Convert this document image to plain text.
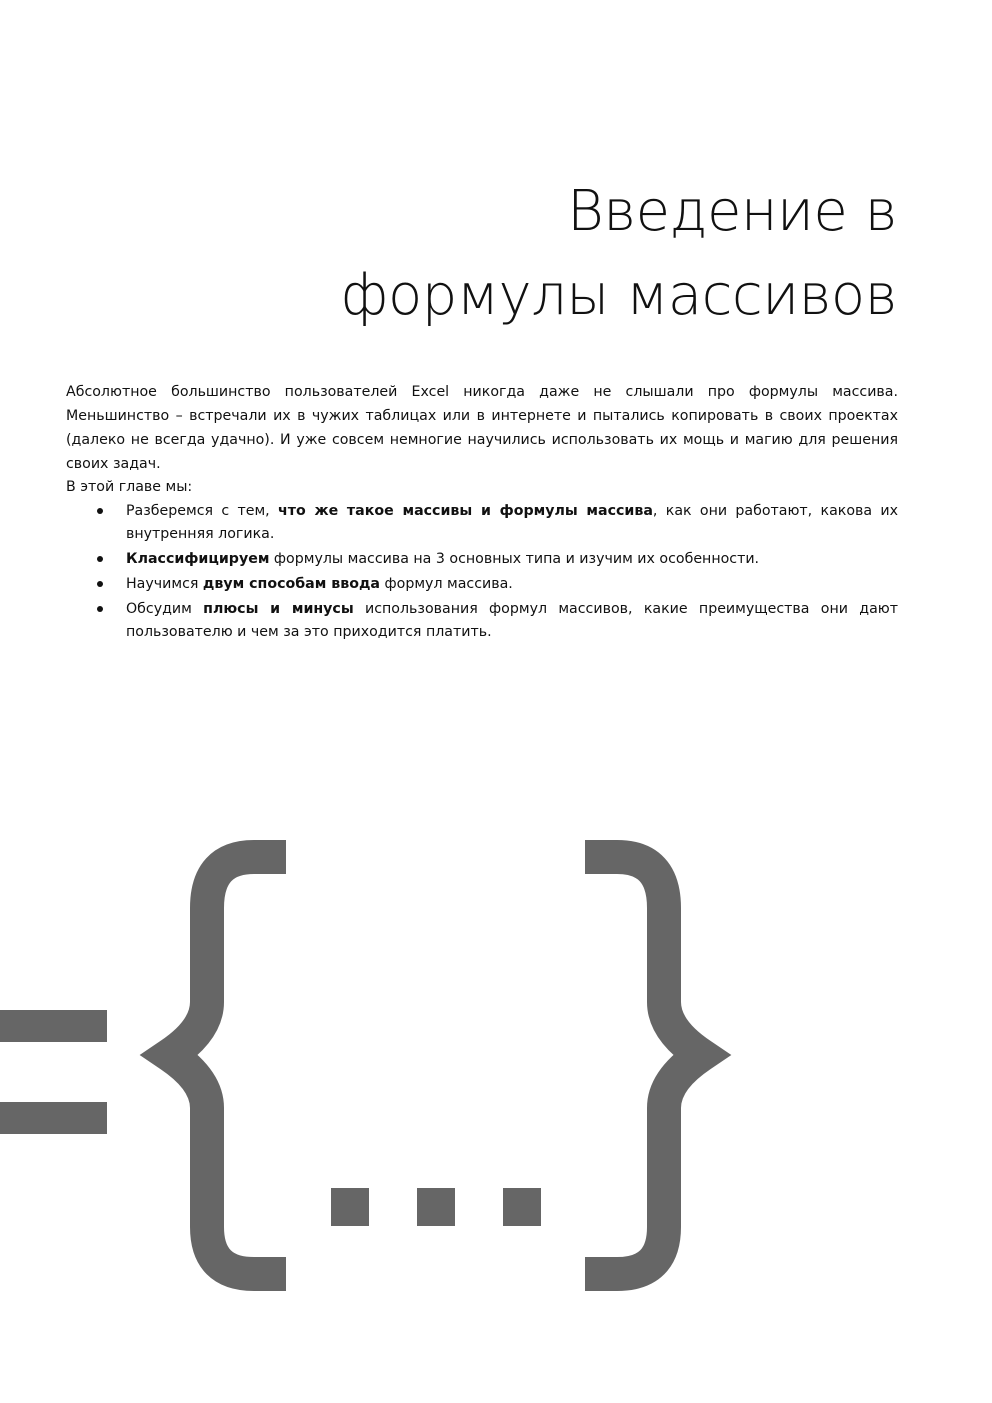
Введение в
формулы массивов

Абсолютное большинство пользователей Excel никогда даже не слышали про формулы массива. Меньшинство – встречали их в чужих таблицах или в интернете и пытались копировать в своих проектах (далеко не всегда удачно). И уже совсем немногие научились использовать их мощь и магию для решения своих задач.

В этой главе мы:

Разберемся с тем, что же такое массивы и формулы массива, как они работают, какова их внутренняя логика.
Классифицируем формулы массива на 3 основных типа и изучим их особенности.
Научимся двум способам ввода формул массива.
Обсудим плюсы и минусы использования формул массивов, какие преимущества они дают пользователю и чем за это приходится платить.
